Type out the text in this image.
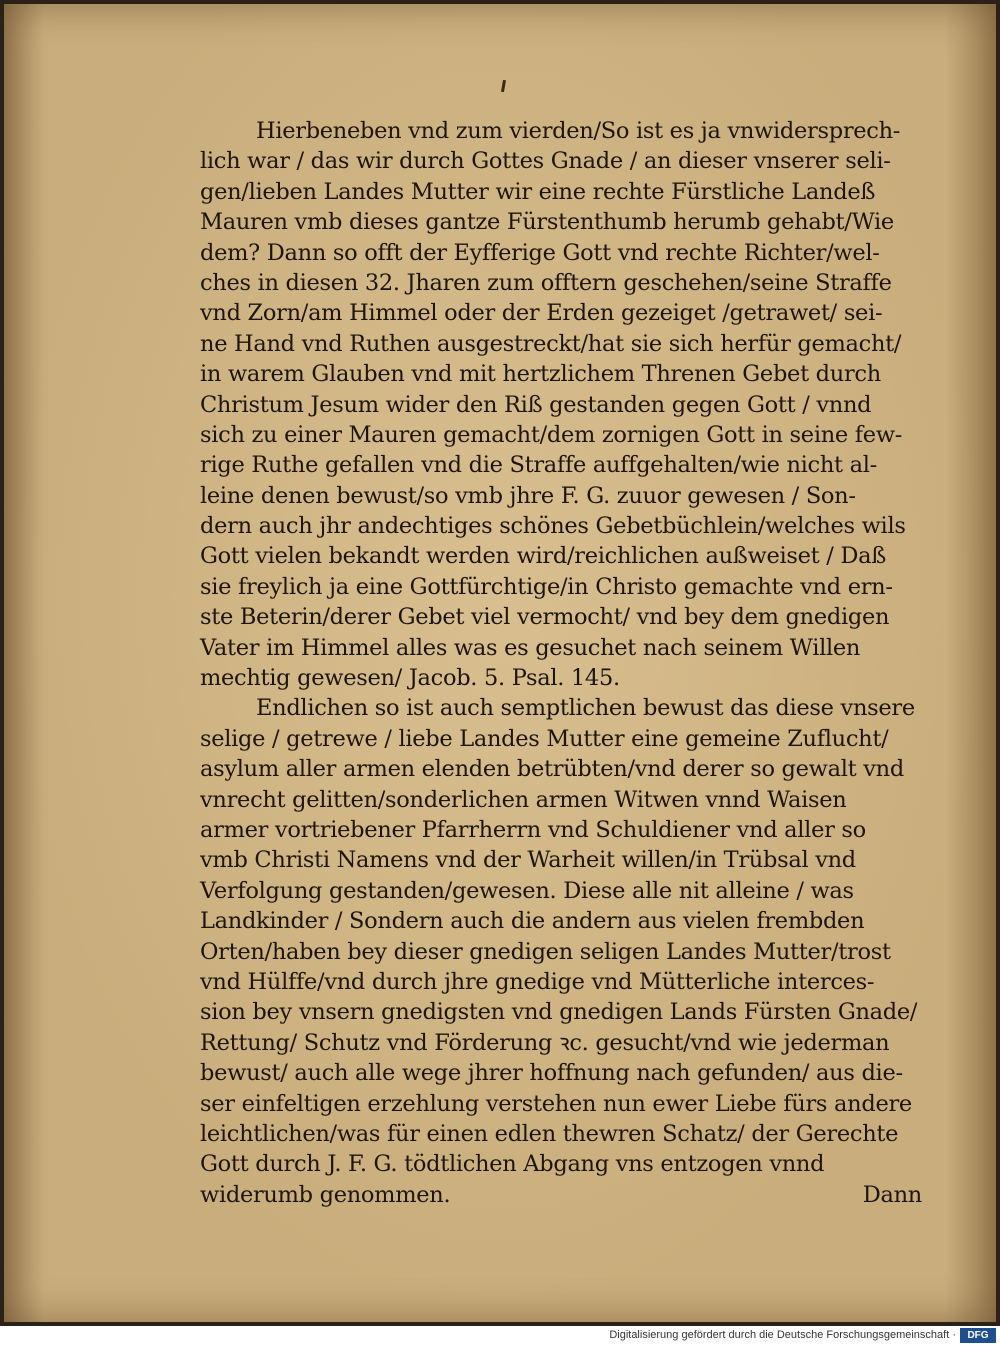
Hierbeneben vnd zum vierden/So ist es ja vnwidersprech-
lich war / das wir durch Gottes Gnade / an dieser vnserer seli-
gen/lieben Landes Mutter wir eine rechte Fürstliche Landeß
Mauren vmb dieses gantze Fürstenthumb herumb gehabt/Wie
dem? Dann so offt der Eyfferige Gott vnd rechte Richter/wel-
ches in diesen 32. Jharen zum offtern geschehen/seine Straffe
vnd Zorn/am Himmel oder der Erden gezeiget /getrawet/ sei-
ne Hand vnd Ruthen ausgestreckt/hat sie sich herfür gemacht/
in warem Glauben vnd mit hertzlichem Threnen Gebet durch
Christum Jesum wider den Riß gestanden gegen Gott / vnnd
sich zu einer Mauren gemacht/dem zornigen Gott in seine few-
rige Ruthe gefallen vnd die Straffe auffgehalten/wie nicht al-
leine denen bewust/so vmb jhre F. G. zuuor gewesen / Son-
dern auch jhr andechtiges schönes Gebetbüchlein/welches wils
Gott vielen bekandt werden wird/reichlichen außweiset / Daß
sie freylich ja eine Gottfürchtige/in Christo gemachte vnd ern-
ste Beterin/derer Gebet viel vermocht/ vnd bey dem gnedigen
Vater im Himmel alles was es gesuchet nach seinem Willen
mechtig gewesen/ Jacob. 5. Psal. 145.
Endlichen so ist auch semptlichen bewust das diese vnsere
selige / getrewe / liebe Landes Mutter eine gemeine Zuflucht/
asylum aller armen elenden betrübten/vnd derer so gewalt vnd
vnrecht gelitten/sonderlichen armen Witwen vnnd Waisen
armer vortriebener Pfarrherrn vnd Schuldiener vnd aller so
vmb Christi Namens vnd der Warheit willen/in Trübsal vnd
Verfolgung gestanden/gewesen. Diese alle nit alleine / was
Landkinder / Sondern auch die andern aus vielen frembden
Orten/haben bey dieser gnedigen seligen Landes Mutter/trost
vnd Hülffe/vnd durch jhre gnedige vnd Mütterliche interces-
sion bey vnsern gnedigsten vnd gnedigen Lands Fürsten Gnade/
Rettung/ Schutz vnd Förderung ꝛc. gesucht/vnd wie jederman
bewust/ auch alle wege jhrer hoffnung nach gefunden/ aus die-
ser einfeltigen erzehlung verstehen nun ewer Liebe fürs andere
leichtlichen/was für einen edlen thewren Schatz/ der Gerechte
Gott durch J. F. G. tödtlichen Abgang vns entzogen vnnd
widerumb genommen.	Dann
Digitalisierung gefördert durch die Deutsche Forschungsgemeinschaft ·	DFG
